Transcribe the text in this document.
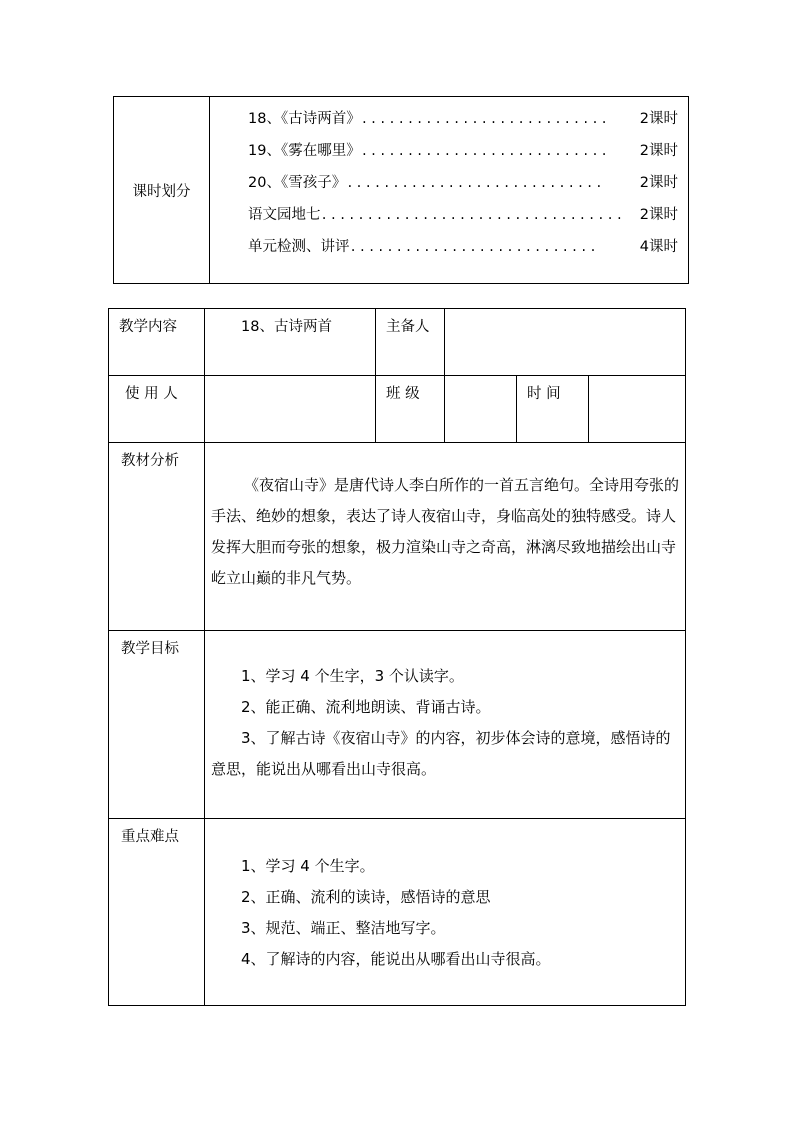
课时划分	
18、《古诗两首》 ...........................	2课时
19、《雾在哪里》 ...........................	2课时
20、《雪孩子》 ............................	2课时
语文园地七 .................................	2课时
单元检测、讲评 ...........................	4课时
教学内容	18、古诗两首	主备人			
使 用 人		班 级		时 间	
教材分析	《夜宿山寺》是唐代诗人李白所作的一首五言绝句。全诗用夸张的手法、绝妙的想象，表达了诗人夜宿山寺，身临高处的独特感受。诗人发挥大胆而夸张的想象，极力渲染山寺之奇高，淋漓尽致地描绘出山寺屹立山巅的非凡气势。				

教学目标	1、学习 4 个生字，3 个认读字。
2、能正确、流利地朗读、背诵古诗。
3、了解古诗《夜宿山寺》的内容，初步体会诗的意境，感悟诗的意思，能说出从哪看出山寺很高。				

重点难点	1、学习 4 个生字。
2、正确、流利的读诗，感悟诗的意思
3、规范、端正、整洁地写字。
4、了解诗的内容，能说出从哪看出山寺很高。				
